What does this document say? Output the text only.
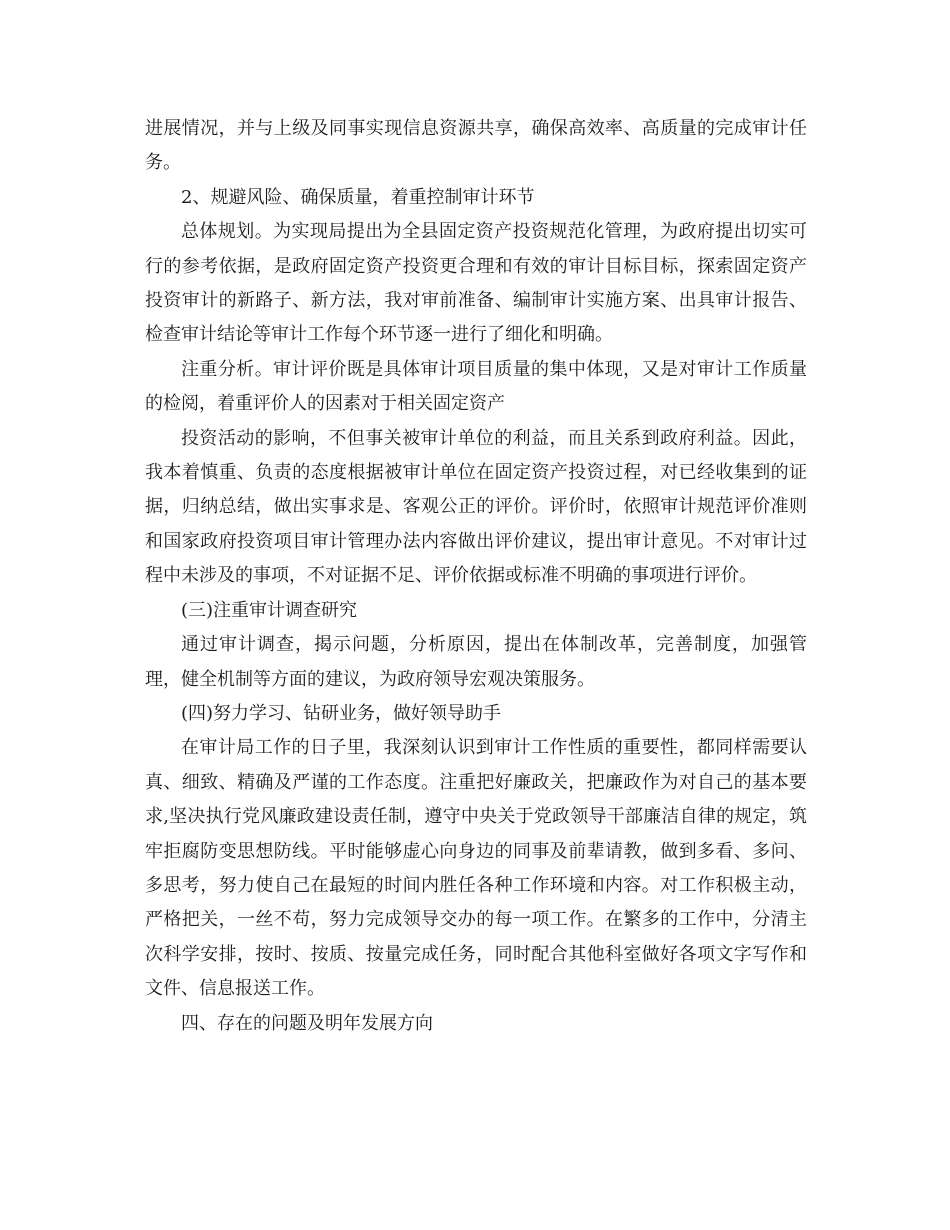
进展情况，并与上级及同事实现信息资源共享，确保高效率、高质量的完成审计任务。

2、规避风险、确保质量，着重控制审计环节

总体规划。为实现局提出为全县固定资产投资规范化管理，为政府提出切实可行的参考依据，是政府固定资产投资更合理和有效的审计目标目标，探索固定资产投资审计的新路子、新方法，我对审前准备、编制审计实施方案、出具审计报告、检查审计结论等审计工作每个环节逐一进行了细化和明确。

注重分析。审计评价既是具体审计项目质量的集中体现，又是对审计工作质量的检阅，着重评价人的因素对于相关固定资产

投资活动的影响，不但事关被审计单位的利益，而且关系到政府利益。因此，我本着慎重、负责的态度根据被审计单位在固定资产投资过程，对已经收集到的证据，归纳总结，做出实事求是、客观公正的评价。评价时，依照审计规范评价准则和国家政府投资项目审计管理办法内容做出评价建议，提出审计意见。不对审计过程中未涉及的事项，不对证据不足、评价依据或标准不明确的事项进行评价。

(三)注重审计调查研究

通过审计调查，揭示问题，分析原因，提出在体制改革，完善制度，加强管理，健全机制等方面的建议，为政府领导宏观决策服务。

(四)努力学习、钻研业务，做好领导助手

在审计局工作的日子里，我深刻认识到审计工作性质的重要性，都同样需要认真、细致、精确及严谨的工作态度。注重把好廉政关，把廉政作为对自己的基本要求,坚决执行党风廉政建设责任制，遵守中央关于党政领导干部廉洁自律的规定，筑牢拒腐防变思想防线。平时能够虚心向身边的同事及前辈请教，做到多看、多问、多思考，努力使自己在最短的时间内胜任各种工作环境和内容。对工作积极主动，严格把关，一丝不苟，努力完成领导交办的每一项工作。在繁多的工作中，分清主次科学安排，按时、按质、按量完成任务，同时配合其他科室做好各项文字写作和文件、信息报送工作。

四、存在的问题及明年发展方向
